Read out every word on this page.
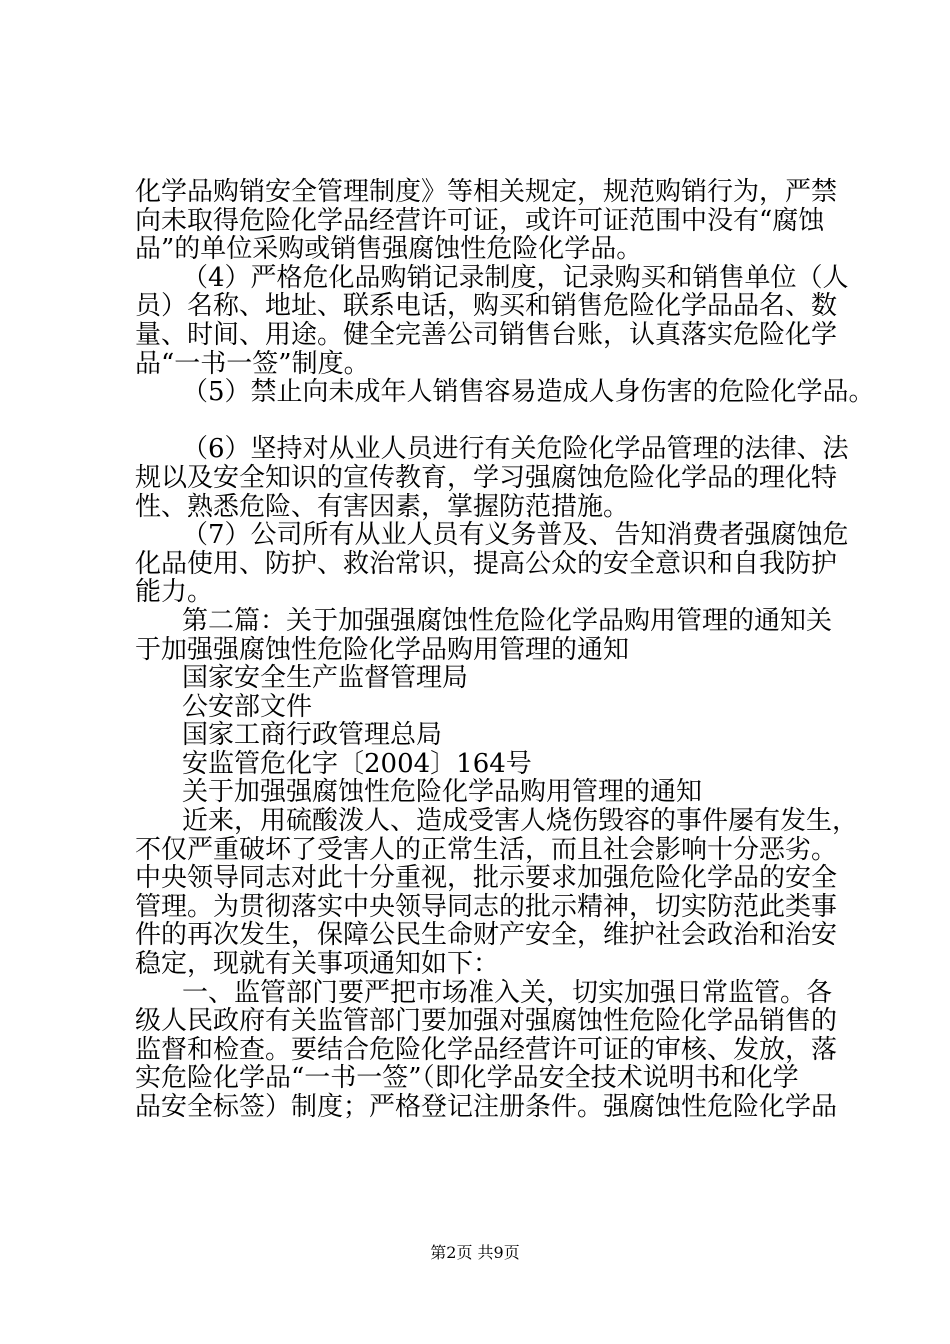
化学品购销安全管理制度》等相关规定，规范购销行为，严禁
向未取得危险化学品经营许可证，或许可证范围中没有“腐蚀
品”的单位采购或销售强腐蚀性危险化学品。
（4）严格危化品购销记录制度，记录购买和销售单位（人
员）名称、地址、联系电话，购买和销售危险化学品品名、数
量、时间、用途。健全完善公司销售台账，认真落实危险化学
品“一书一签”制度。
（5）禁止向未成年人销售容易造成人身伤害的危险化学品。
（6）坚持对从业人员进行有关危险化学品管理的法律、法
规以及安全知识的宣传教育，学习强腐蚀危险化学品的理化特
性、熟悉危险、有害因素，掌握防范措施。
（7）公司所有从业人员有义务普及、告知消费者强腐蚀危
化品使用、防护、救治常识，提高公众的安全意识和自我防护
能力。
第二篇：关于加强强腐蚀性危险化学品购用管理的通知关
于加强强腐蚀性危险化学品购用管理的通知
国家安全生产监督管理局
公安部文件
国家工商行政管理总局
安监管危化字〔2004〕164号
关于加强强腐蚀性危险化学品购用管理的通知
近来，用硫酸泼人、造成受害人烧伤毁容的事件屡有发生，
不仅严重破坏了受害人的正常生活，而且社会影响十分恶劣。
中央领导同志对此十分重视，批示要求加强危险化学品的安全
管理。为贯彻落实中央领导同志的批示精神，切实防范此类事
件的再次发生，保障公民生命财产安全，维护社会政治和治安
稳定，现就有关事项通知如下：
一、监管部门要严把市场准入关，切实加强日常监管。各
级人民政府有关监管部门要加强对强腐蚀性危险化学品销售的
监督和检查。要结合危险化学品经营许可证的审核、发放，落
实危险化学品“一书一签”（即化学品安全技术说明书和化学
品安全标签）制度；严格登记注册条件。强腐蚀性危险化学品
第2页 共9页
